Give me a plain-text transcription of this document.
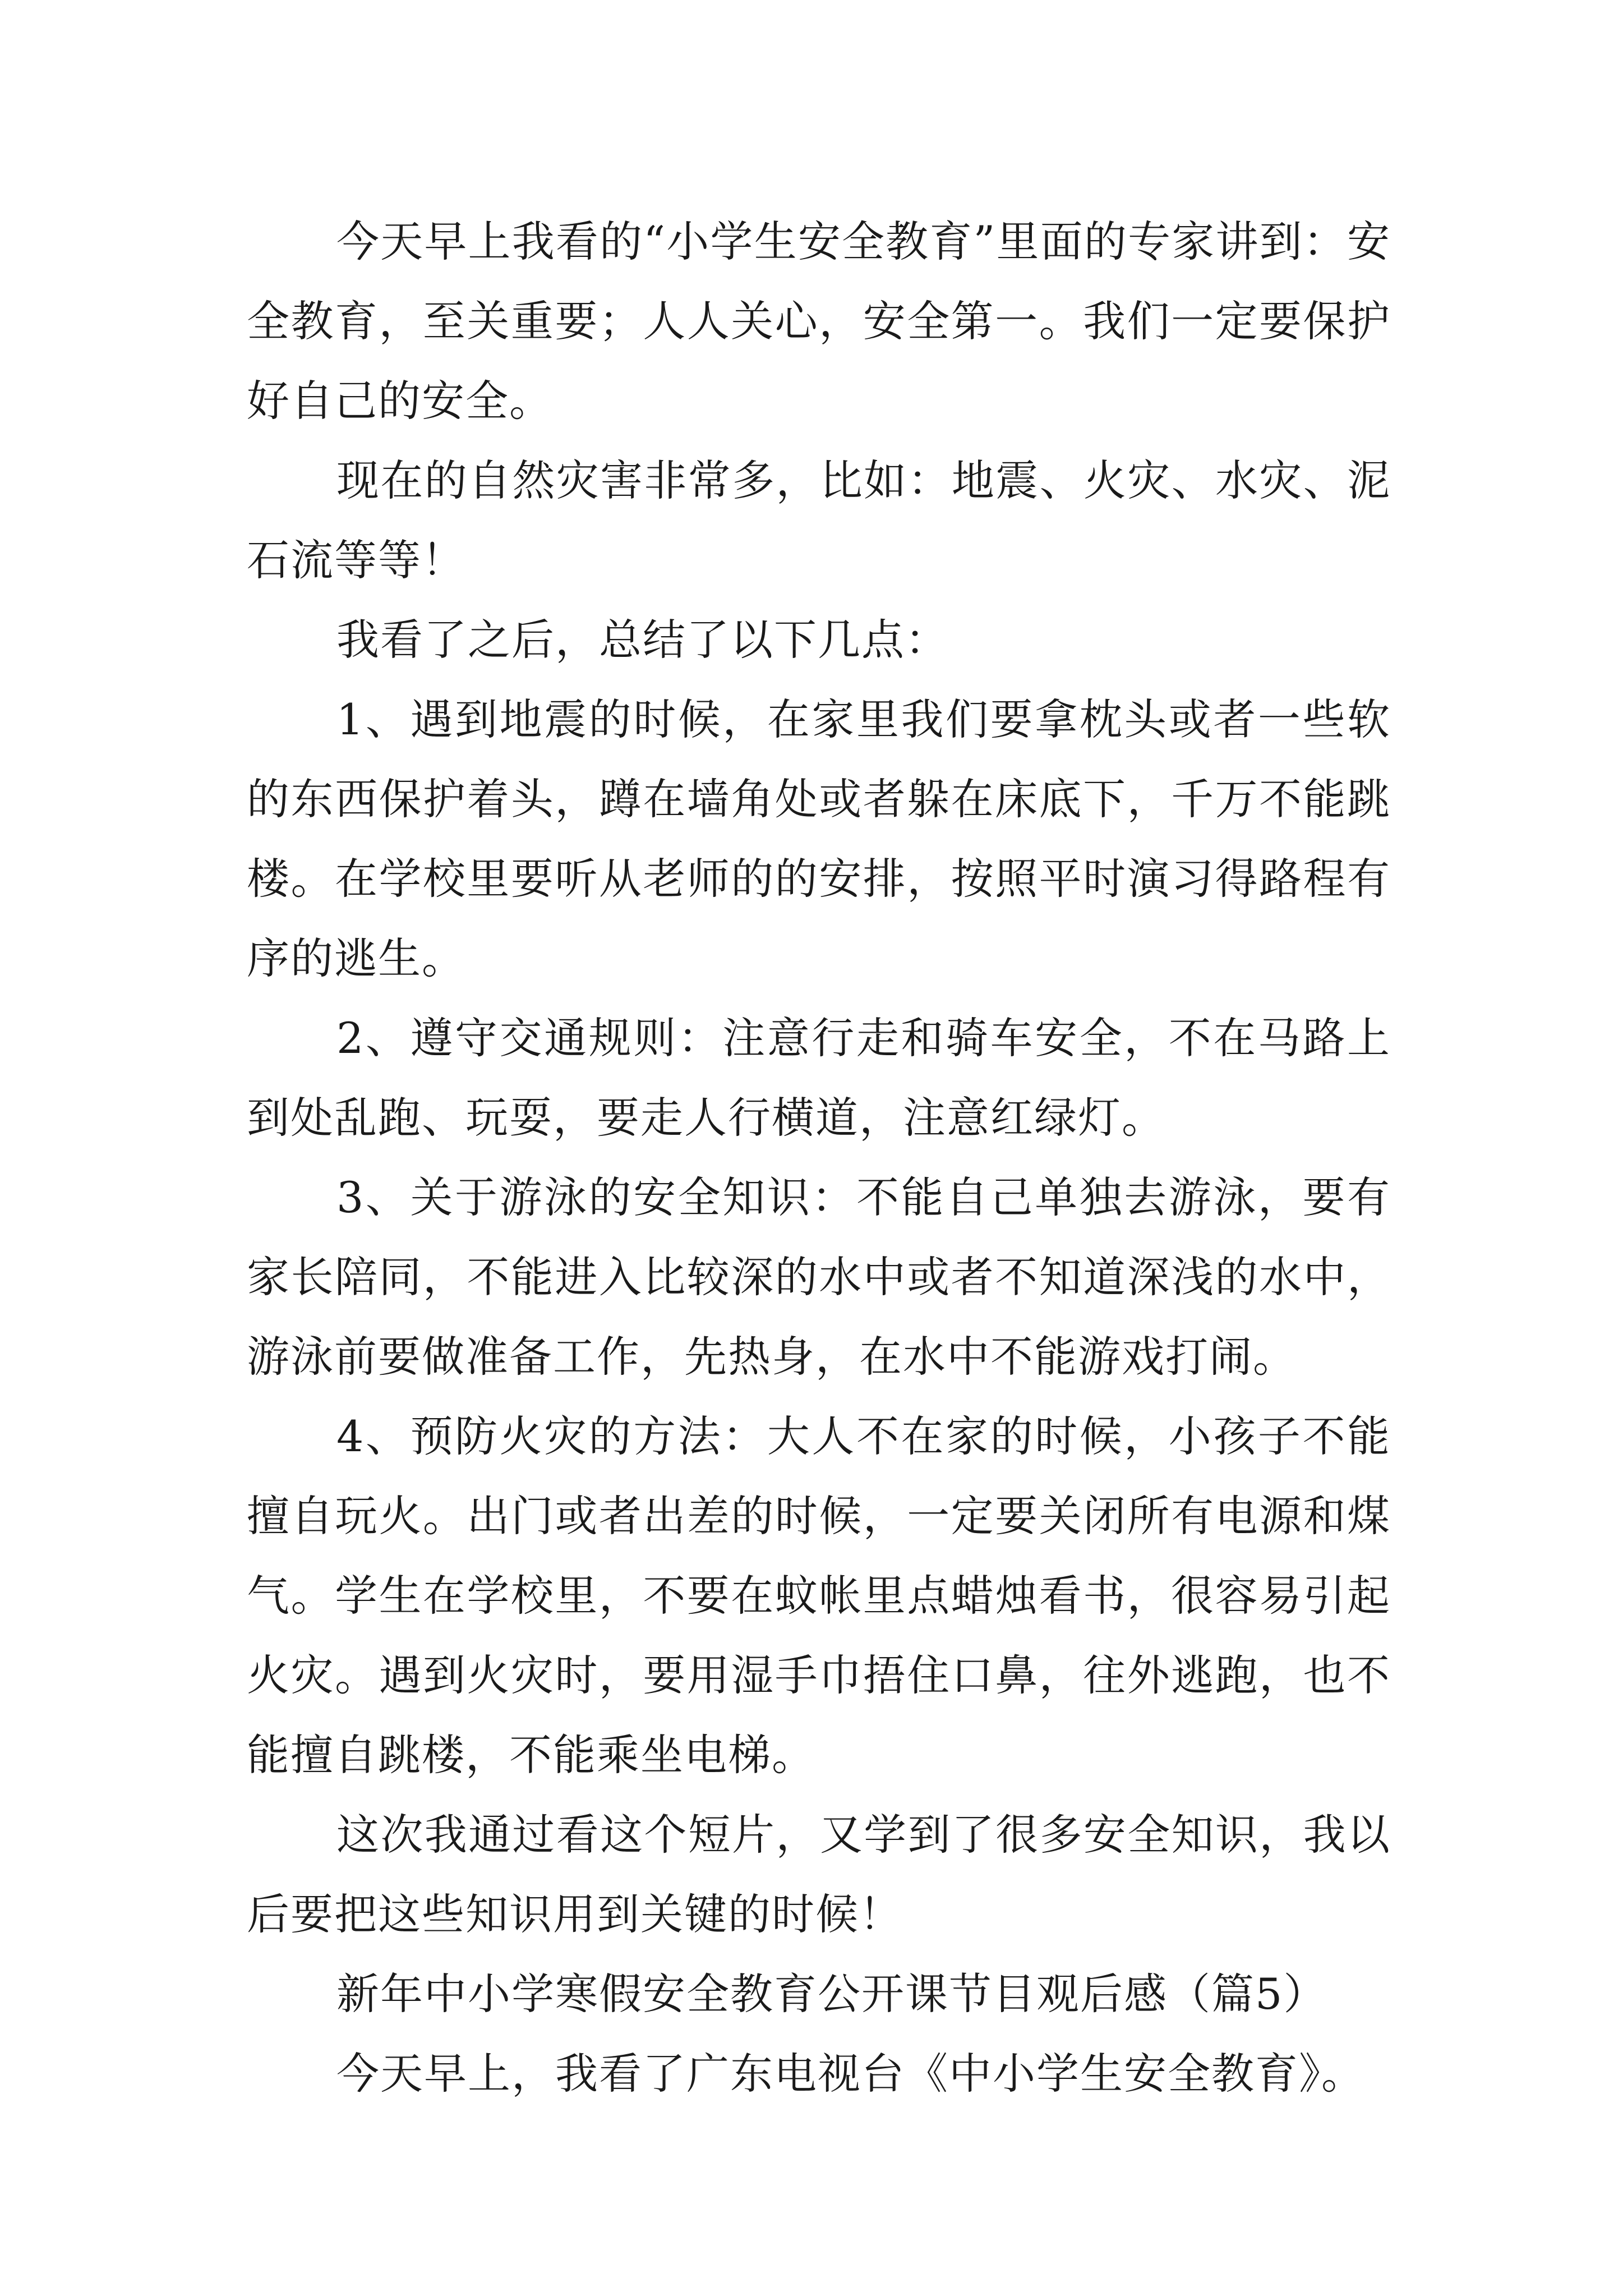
今天早上我看的“小学生安全教育”里面的专家讲到：安全教育，至关重要；人人关心，安全第一。我们一定要保护好自己的安全。

现在的自然灾害非常多，比如：地震、火灾、水灾、泥石流等等！

我看了之后，总结了以下几点：

1、遇到地震的时候，在家里我们要拿枕头或者一些软的东西保护着头，蹲在墙角处或者躲在床底下，千万不能跳楼。在学校里要听从老师的的安排，按照平时演习得路程有序的逃生。

2、遵守交通规则：注意行走和骑车安全，不在马路上到处乱跑、玩耍，要走人行横道，注意红绿灯。

3、关于游泳的安全知识：不能自己单独去游泳，要有家长陪同，不能进入比较深的水中或者不知道深浅的水中，游泳前要做准备工作，先热身，在水中不能游戏打闹。

4、预防火灾的方法：大人不在家的时候，小孩子不能擅自玩火。出门或者出差的时候，一定要关闭所有电源和煤气。学生在学校里，不要在蚊帐里点蜡烛看书，很容易引起火灾。遇到火灾时，要用湿手巾捂住口鼻，往外逃跑，也不能擅自跳楼，不能乘坐电梯。

这次我通过看这个短片，又学到了很多安全知识，我以后要把这些知识用到关键的时候！

新年中小学寒假安全教育公开课节目观后感（篇5）

今天早上，我看了广东电视台《中小学生安全教育》。
